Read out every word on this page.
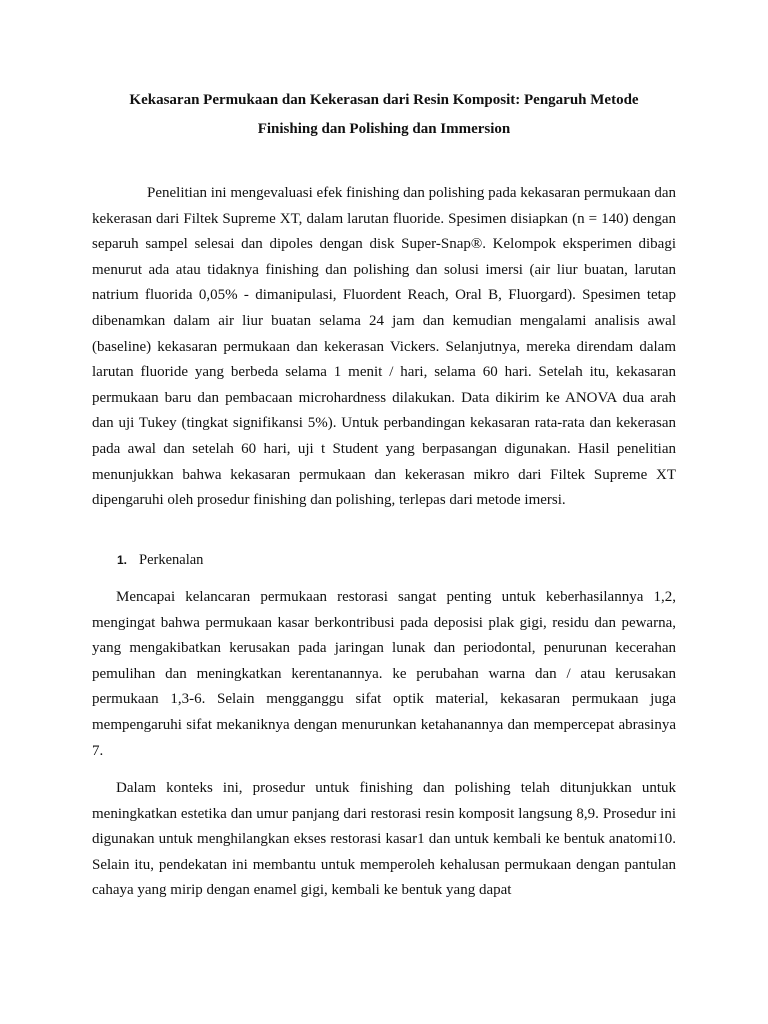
Kekasaran Permukaan dan Kekerasan dari Resin Komposit: Pengaruh Metode
Finishing dan Polishing dan Immersion

Penelitian ini mengevaluasi efek finishing dan polishing pada kekasaran permukaan dan kekerasan dari Filtek Supreme XT, dalam larutan fluoride. Spesimen disiapkan (n = 140) dengan separuh sampel selesai dan dipoles dengan disk Super-Snap®. Kelompok eksperimen dibagi menurut ada atau tidaknya finishing dan polishing dan solusi imersi (air liur buatan, larutan natrium fluorida 0,05% - dimanipulasi, Fluordent Reach, Oral B, Fluorgard). Spesimen tetap dibenamkan dalam air liur buatan selama 24 jam dan kemudian mengalami analisis awal (baseline) kekasaran permukaan dan kekerasan Vickers. Selanjutnya, mereka direndam dalam larutan fluoride yang berbeda selama 1 menit / hari, selama 60 hari. Setelah itu, kekasaran permukaan baru dan pembacaan microhardness dilakukan. Data dikirim ke ANOVA dua arah dan uji Tukey (tingkat signifikansi 5%). Untuk perbandingan kekasaran rata-rata dan kekerasan pada awal dan setelah 60 hari, uji t Student yang berpasangan digunakan. Hasil penelitian menunjukkan bahwa kekasaran permukaan dan kekerasan mikro dari Filtek Supreme XT dipengaruhi oleh prosedur finishing dan polishing, terlepas dari metode imersi.

1. Perkenalan

Mencapai kelancaran permukaan restorasi sangat penting untuk keberhasilannya 1,2, mengingat bahwa permukaan kasar berkontribusi pada deposisi plak gigi, residu dan pewarna, yang mengakibatkan kerusakan pada jaringan lunak dan periodontal, penurunan kecerahan pemulihan dan meningkatkan kerentanannya. ke perubahan warna dan / atau kerusakan permukaan 1,3-6. Selain mengganggu sifat optik material, kekasaran permukaan juga mempengaruhi sifat mekaniknya dengan menurunkan ketahanannya dan mempercepat abrasinya 7.

Dalam konteks ini, prosedur untuk finishing dan polishing telah ditunjukkan untuk meningkatkan estetika dan umur panjang dari restorasi resin komposit langsung 8,9. Prosedur ini digunakan untuk menghilangkan ekses restorasi kasar1 dan untuk kembali ke bentuk anatomi10. Selain itu, pendekatan ini membantu untuk memperoleh kehalusan permukaan dengan pantulan cahaya yang mirip dengan enamel gigi, kembali ke bentuk yang dapat
